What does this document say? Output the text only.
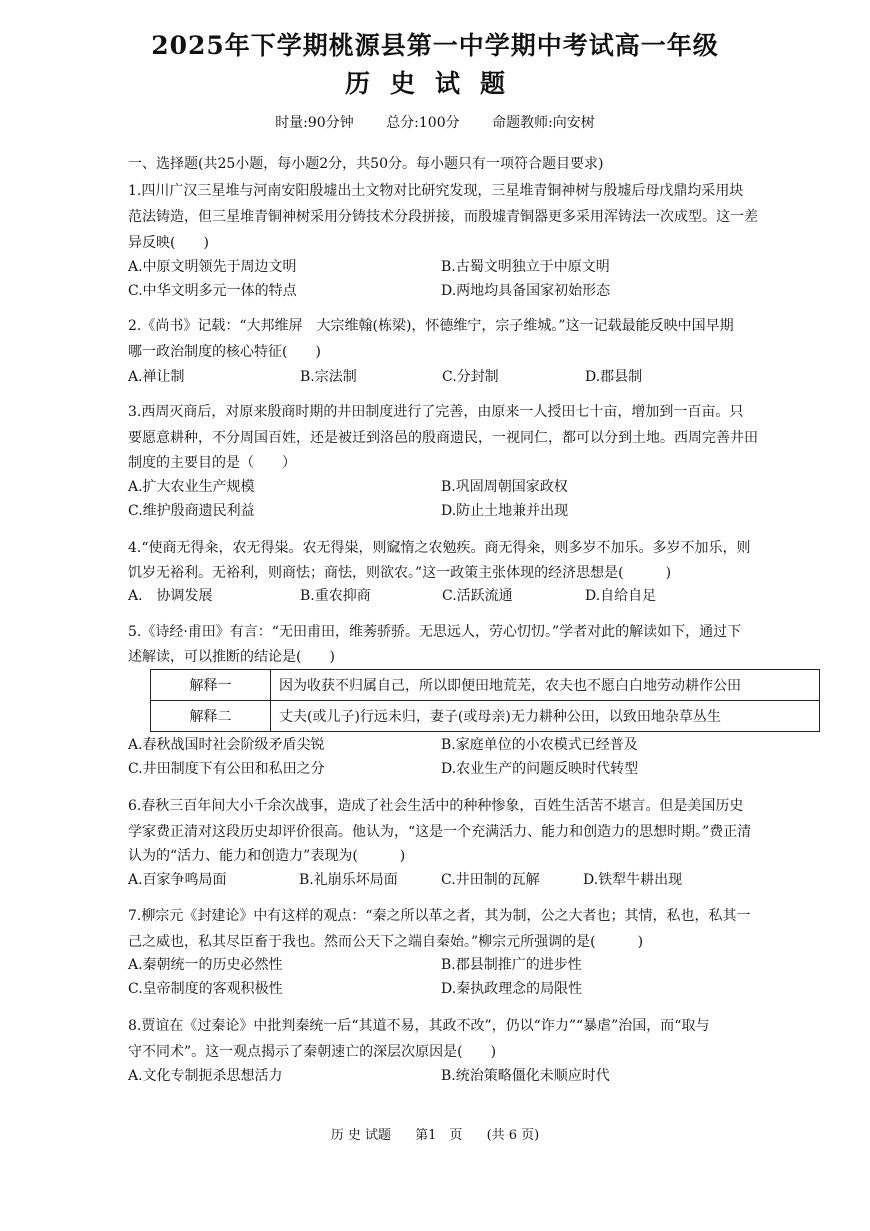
2025年下学期桃源县第一中学期中考试高一年级
历史试题
时量:90分钟 总分:100分 命题教师:向安树
一、选择题(共25小题，每小题2分，共50分。每小题只有一项符合题目要求)
1.四川广汉三星堆与河南安阳殷墟出土文物对比研究发现，三星堆青铜神树与殷墟后母戊鼎均采用块
范法铸造，但三星堆青铜神树采用分铸技术分段拼接，而殷墟青铜器更多采用浑铸法一次成型。这一差
异反映(　　)
A.中原文明领先于周边文明	B.古蜀文明独立于中原文明
C.中华文明多元一体的特点	D.两地均具备国家初始形态
2.《尚书》记载：“大邦维屏　大宗维翰(栋梁)，怀德维宁，宗子维城。”这一记载最能反映中国早期
哪一政治制度的核心特征(　　)
A.禅让制	B.宗法制	C.分封制	D.郡县制
3.西周灭商后，对原来殷商时期的井田制度进行了完善，由原来一人授田七十亩，增加到一百亩。只
要愿意耕种，不分周国百姓，还是被迁到洛邑的殷商遗民，一视同仁，都可以分到土地。西周完善井田
制度的主要目的是（　　）
A.扩大农业生产规模	B.巩固周朝国家政权
C.维护殷商遗民利益	D.防止土地兼并出现
4.“使商无得籴，农无得粜。农无得粜，则窳惰之农勉疾。商无得籴，则多岁不加乐。多岁不加乐，则
饥岁无裕利。无裕利，则商怯；商怯，则欲农。”这一政策主张体现的经济思想是(　　　)
A.　协调发展	B.重农抑商	C.活跃流通	D.自给自足
5.《诗经·甫田》有言：“无田甫田，维莠骄骄。无思远人，劳心忉忉。”学者对此的解读如下，通过下
述解读，可以推断的结论是(　　)
解释一	因为收获不归属自己，所以即便田地荒芜，农夫也不愿白白地劳动耕作公田
解释二	丈夫(或儿子)行远未归，妻子(或母亲)无力耕种公田，以致田地杂草丛生
A.春秋战国时社会阶级矛盾尖锐	B.家庭单位的小农模式已经普及
C.井田制度下有公田和私田之分	D.农业生产的问题反映时代转型
6.春秋三百年间大小千余次战事，造成了社会生活中的种种惨象，百姓生活苦不堪言。但是美国历史
学家费正清对这段历史却评价很高。他认为，“这是一个充满活力、能力和创造力的思想时期。”费正清
认为的“活力、能力和创造力”表现为(　　　)
A.百家争鸣局面	B.礼崩乐坏局面	C.井田制的瓦解	D.铁犁牛耕出现
7.柳宗元《封建论》中有这样的观点：“秦之所以革之者，其为制，公之大者也；其情，私也，私其一
己之威也，私其尽臣畜于我也。然而公天下之端自秦始。”柳宗元所强调的是(　　　)
A.秦朝统一的历史必然性	B.郡县制推广的进步性
C.皇帝制度的客观积极性	D.秦执政理念的局限性
8.贾谊在《过秦论》中批判秦统一后“其道不易，其政不改”，仍以“诈力”“暴虐”治国，而“取与
守不同术”。这一观点揭示了秦朝速亡的深层次原因是(　　)
A.文化专制扼杀思想活力	B.统治策略僵化未顺应时代
历 史 试题 第1　页 (共 6 页)
